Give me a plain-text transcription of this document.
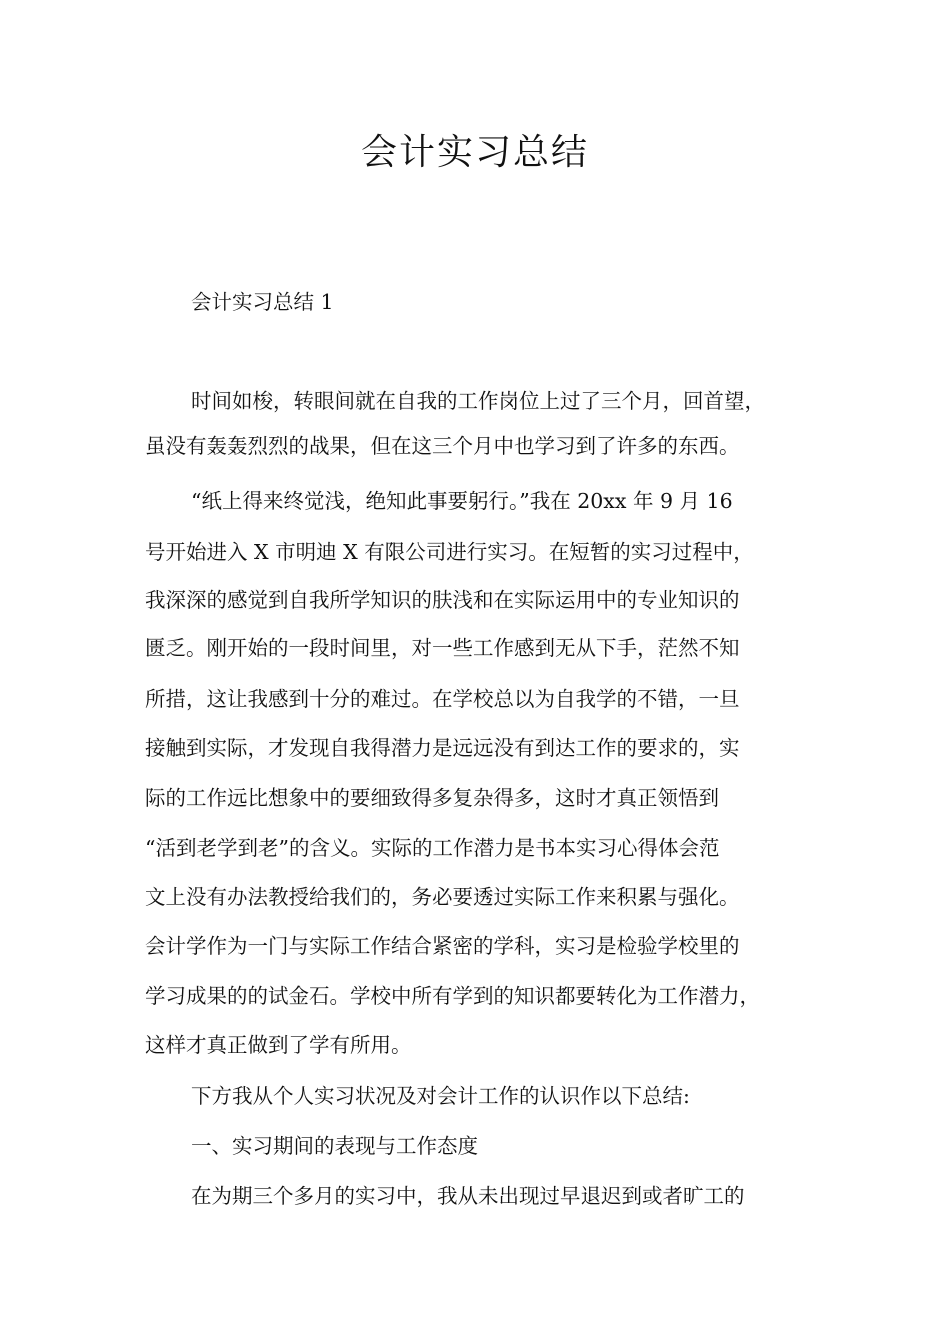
会计实习总结

会计实习总结 1

时间如梭，转眼间就在自我的工作岗位上过了三个月，回首望，

虽没有轰轰烈烈的战果，但在这三个月中也学习到了许多的东西。

“纸上得来终觉浅，绝知此事要躬行。”我在 20xx 年 9 月 16

号开始进入 X 市明迪 X 有限公司进行实习。在短暂的实习过程中，

我深深的感觉到自我所学知识的肤浅和在实际运用中的专业知识的

匮乏。刚开始的一段时间里，对一些工作感到无从下手，茫然不知

所措，这让我感到十分的难过。在学校总以为自我学的不错，一旦

接触到实际，才发现自我得潜力是远远没有到达工作的要求的，实

际的工作远比想象中的要细致得多复杂得多，这时才真正领悟到

“活到老学到老”的含义。实际的工作潜力是书本实习心得体会范

文上没有办法教授给我们的，务必要透过实际工作来积累与强化。

会计学作为一门与实际工作结合紧密的学科，实习是检验学校里的

学习成果的的试金石。学校中所有学到的知识都要转化为工作潜力，

这样才真正做到了学有所用。

下方我从个人实习状况及对会计工作的认识作以下总结:

一、实习期间的表现与工作态度

在为期三个多月的实习中，我从未出现过早退迟到或者旷工的
